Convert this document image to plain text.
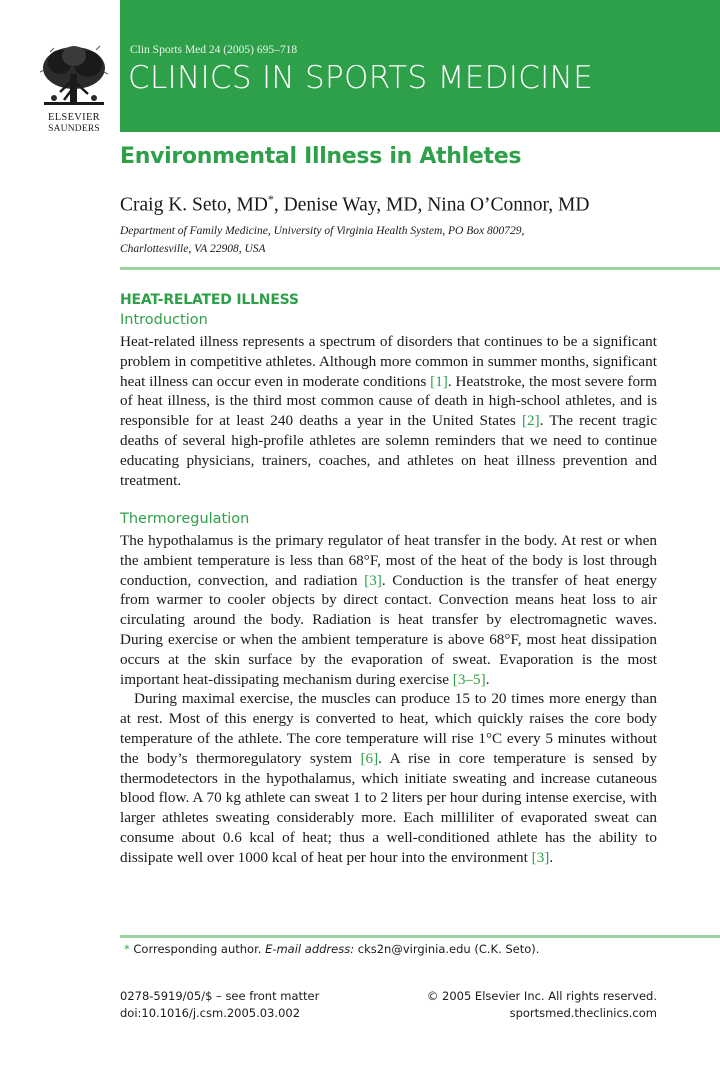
ELSEVIER
SAUNDERS
Clin Sports Med 24 (2005) 695–718
CLINICS IN SPORTS MEDICINE
Environmental Illness in Athletes
Craig K. Seto, MD*, Denise Way, MD, Nina O’Connor, MD
Department of Family Medicine, University of Virginia Health System, PO Box 800729,
Charlottesville, VA 22908, USA
HEAT-RELATED ILLNESS
Introduction

Heat-related illness represents a spectrum of disorders that continues to be a significant problem in competitive athletes. Although more common in summer months, significant heat illness can occur even in moderate conditions [1]. Heatstroke, the most severe form of heat illness, is the third most common cause of death in high-school athletes, and is responsible for at least 240 deaths a year in the United States [2]. The recent tragic deaths of several high-profile athletes are solemn reminders that we need to continue educating physicians, trainers, coaches, and athletes on heat illness prevention and treatment.

Thermoregulation

The hypothalamus is the primary regulator of heat transfer in the body. At rest or when the ambient temperature is less than 68°F, most of the heat of the body is lost through conduction, convection, and radiation [3]. Conduction is the transfer of heat energy from warmer to cooler objects by direct contact. Convection means heat loss to air circulating around the body. Radiation is heat transfer by electromagnetic waves. During exercise or when the ambient temperature is above 68°F, most heat dissipation occurs at the skin surface by the evaporation of sweat. Evaporation is the most important heat-dissipating mechanism during exercise [3–5].

During maximal exercise, the muscles can produce 15 to 20 times more energy than at rest. Most of this energy is converted to heat, which quickly raises the core body temperature of the athlete. The core temperature will rise 1°C every 5 minutes without the body’s thermoregulatory system [6]. A rise in core temperature is sensed by thermodetectors in the hypothalamus, which initiate sweating and increase cutaneous blood flow. A 70 kg athlete can sweat 1 to 2 liters per hour during intense exercise, with larger athletes sweating considerably more. Each milliliter of evaporated sweat can consume about 0.6 kcal of heat; thus a well-conditioned athlete has the ability to dissipate well over 1000 kcal of heat per hour into the environment [3].

* Corresponding author. E-mail address: cks2n@virginia.edu (C.K. Seto).
0278-5919/05/$ – see front matter
doi:10.1016/j.csm.2005.03.002
© 2005 Elsevier Inc. All rights reserved.
sportsmed.theclinics.com
